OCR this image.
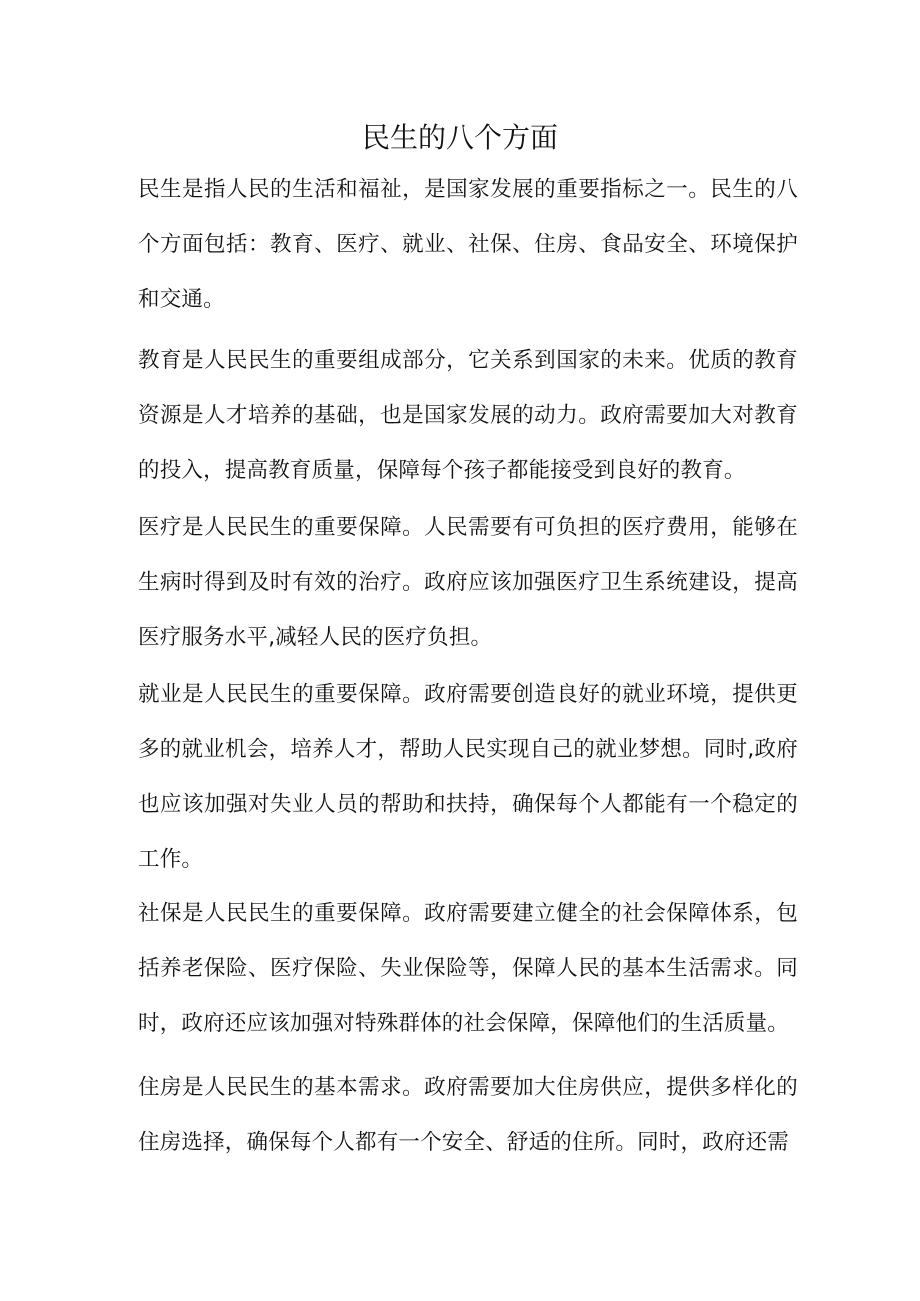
民生的八个方面

民生是指人民的生活和福祉，是国家发展的重要指标之一。民生的八个方面包括：教育、医疗、就业、社保、住房、食品安全、环境保护和交通。

教育是人民民生的重要组成部分，它关系到国家的未来。优质的教育资源是人才培养的基础，也是国家发展的动力。政府需要加大对教育的投入，提高教育质量，保障每个孩子都能接受到良好的教育。

医疗是人民民生的重要保障。人民需要有可负担的医疗费用，能够在生病时得到及时有效的治疗。政府应该加强医疗卫生系统建设，提高医疗服务水平,减轻人民的医疗负担。

就业是人民民生的重要保障。政府需要创造良好的就业环境，提供更多的就业机会，培养人才，帮助人民实现自己的就业梦想。同时,政府也应该加强对失业人员的帮助和扶持，确保每个人都能有一个稳定的工作。

社保是人民民生的重要保障。政府需要建立健全的社会保障体系，包括养老保险、医疗保险、失业保险等，保障人民的基本生活需求。同时，政府还应该加强对特殊群体的社会保障，保障他们的生活质量。

住房是人民民生的基本需求。政府需要加大住房供应，提供多样化的住房选择，确保每个人都有一个安全、舒适的住所。同时，政府还需
